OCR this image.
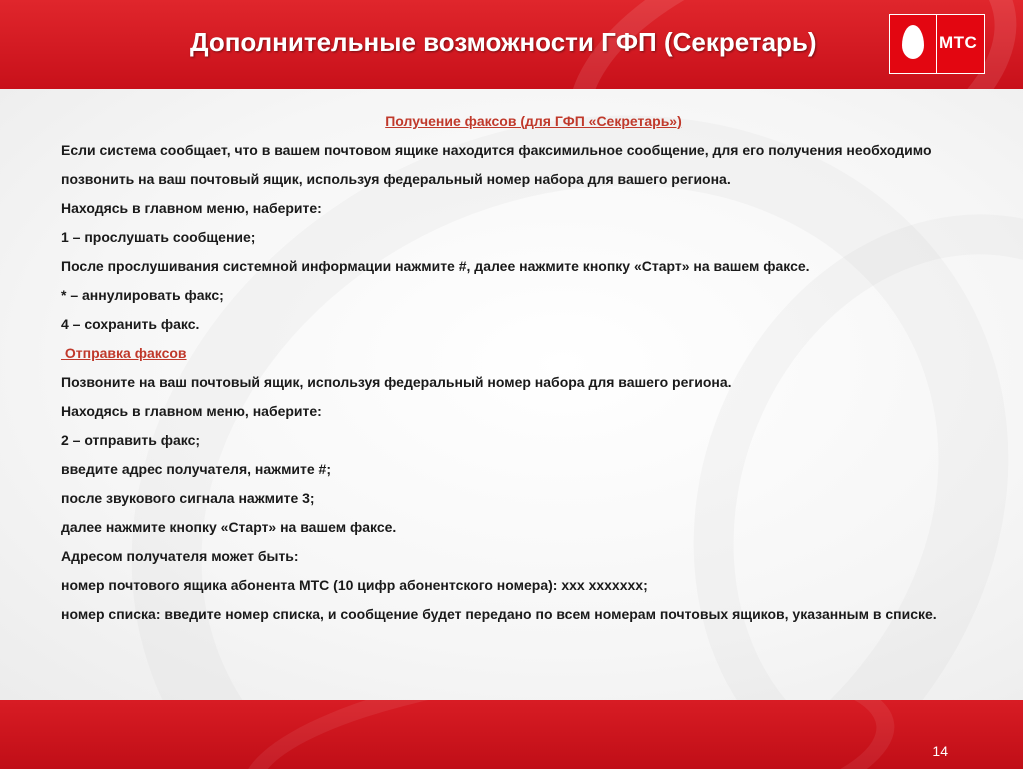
Дополнительные возможности ГФП (Секретарь)	МТС

Получение факсов (для ГФП «Секретарь»)

Если система сообщает, что в вашем почтовом ящике находится факсимильное сообщение, для его получения необходимо позвонить на ваш почтовый ящик, используя федеральный номер набора для вашего региона.

Находясь в главном меню, наберите:

1 – прослушать сообщение;

После прослушивания системной информации нажмите #, далее нажмите кнопку «Старт» на вашем факсе.

* – аннулировать факс;

4 – сохранить факс.

Отправка факсов

Позвоните на ваш почтовый ящик, используя федеральный номер набора для вашего региона.

Находясь в главном меню, наберите:

2 – отправить факс;

введите адрес получателя, нажмите #;

после звукового сигнала нажмите 3;

далее нажмите кнопку «Старт» на вашем факсе.

Адресом получателя может быть:

номер почтового ящика абонента МТС (10 цифр абонентского номера): ххх ххххххх;

номер списка: введите номер списка, и сообщение будет передано по всем номерам почтовых ящиков, указанным в списке.

14
